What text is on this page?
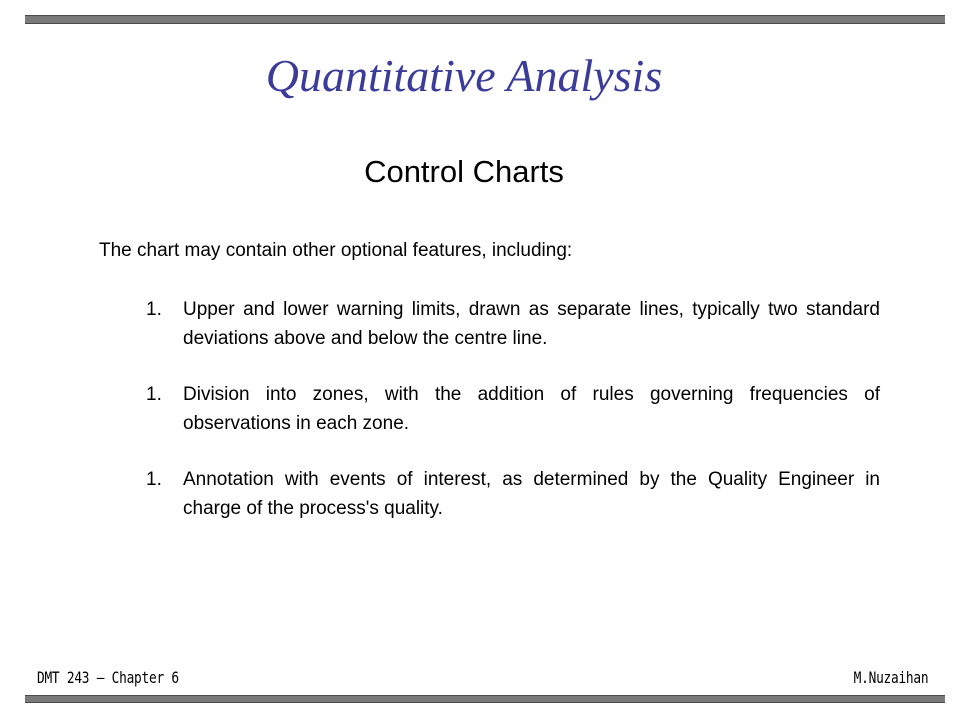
Quantitative Analysis
Control Charts

The chart may contain other optional features, including:

1. Upper and lower warning limits, drawn as separate lines, typically two standard deviations above and below the centre line.
1. Division into zones, with the addition of rules governing frequencies of observations in each zone.
1. Annotation with events of interest, as determined by the Quality Engineer in charge of the process's quality.
DMT 243 – Chapter 6	M.Nuzaihan
